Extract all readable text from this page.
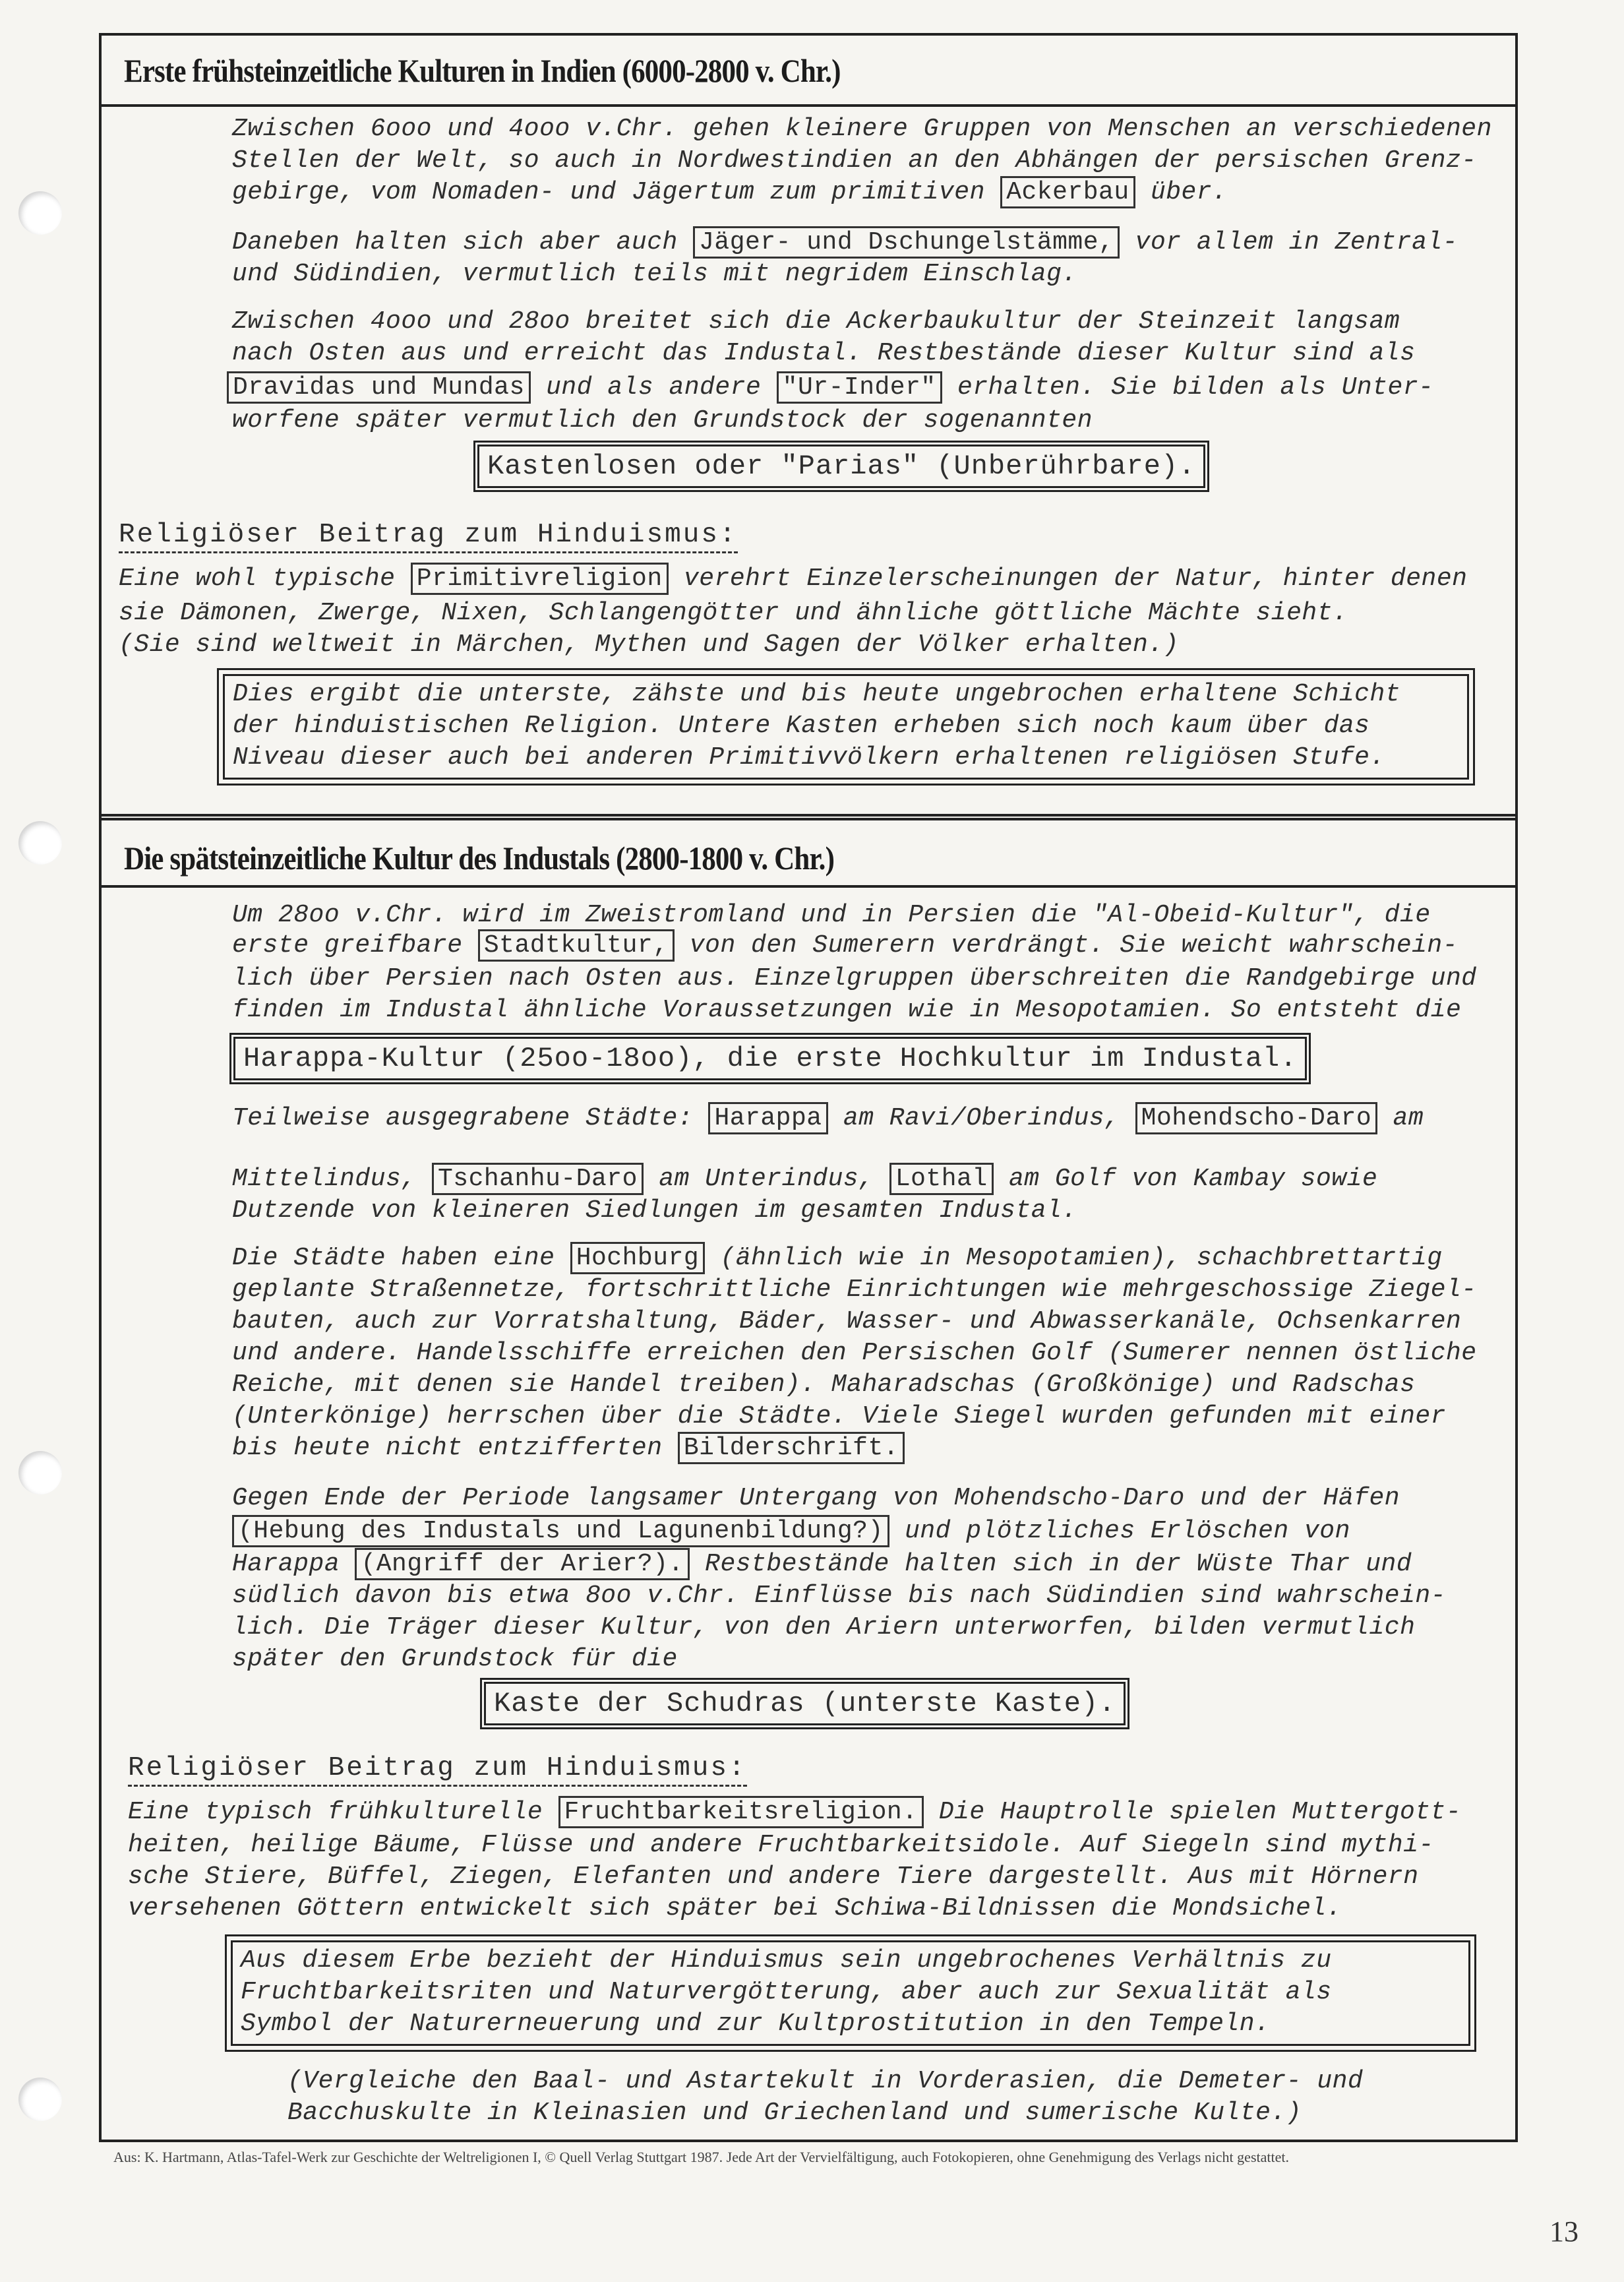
Erste frühsteinzeitliche Kulturen in Indien (6000-2800 v. Chr.)

Zwischen 6ooo und 4ooo v.Chr. gehen kleinere Gruppen von Menschen an verschiedenen

Stellen der Welt, so auch in Nordwestindien an den Abhängen der persischen Grenz-

gebirge, vom Nomaden- und Jägertum zum primitiven Ackerbau über.

Daneben halten sich aber auch Jäger- und Dschungelstämme, vor allem in Zentral-

und Südindien, vermutlich teils mit negridem Einschlag.

Zwischen 4ooo und 28oo breitet sich die Ackerbaukultur der Steinzeit langsam

nach Osten aus und erreicht das Industal. Restbestände dieser Kultur sind als

Dravidas und Mundas und als andere "Ur-Inder" erhalten. Sie bilden als Unter-

worfene später vermutlich den Grundstock der sogenannten

Kastenlosen oder "Parias" (Unberührbare).
Religiöser Beitrag zum Hinduismus:

Eine wohl typische Primitivreligion verehrt Einzelerscheinungen der Natur, hinter denen

sie Dämonen, Zwerge, Nixen, Schlangengötter und ähnliche göttliche Mächte sieht.

(Sie sind weltweit in Märchen, Mythen und Sagen der Völker erhalten.)

Dies ergibt die unterste, zähste und bis heute ungebrochen erhaltene Schicht

der hinduistischen Religion. Untere Kasten erheben sich noch kaum über das

Niveau dieser auch bei anderen Primitivvölkern erhaltenen religiösen Stufe.

Die spätsteinzeitliche Kultur des Industals (2800-1800 v. Chr.)

Um 28oo v.Chr. wird im Zweistromland und in Persien die "Al-Obeid-Kultur", die

erste greifbare Stadtkultur, von den Sumerern verdrängt. Sie weicht wahrschein-

lich über Persien nach Osten aus. Einzelgruppen überschreiten die Randgebirge und

finden im Industal ähnliche Voraussetzungen wie in Mesopotamien. So entsteht die

Harappa-Kultur (25oo-18oo), die erste Hochkultur im Industal.

Teilweise ausgegrabene Städte: Harappa am Ravi/Oberindus, Mohendscho-Daro am

Mittelindus, Tschanhu-Daro am Unterindus, Lothal am Golf von Kambay sowie

Dutzende von kleineren Siedlungen im gesamten Industal.

Die Städte haben eine Hochburg (ähnlich wie in Mesopotamien), schachbrettartig

geplante Straßennetze, fortschrittliche Einrichtungen wie mehrgeschossige Ziegel-

bauten, auch zur Vorratshaltung, Bäder, Wasser- und Abwasserkanäle, Ochsenkarren

und andere. Handelsschiffe erreichen den Persischen Golf (Sumerer nennen östliche

Reiche, mit denen sie Handel treiben). Maharadschas (Großkönige) und Radschas

(Unterkönige) herrschen über die Städte. Viele Siegel wurden gefunden mit einer

bis heute nicht entzifferten Bilderschrift.

Gegen Ende der Periode langsamer Untergang von Mohendscho-Daro und der Häfen

(Hebung des Industals und Lagunenbildung?) und plötzliches Erlöschen von

Harappa (Angriff der Arier?). Restbestände halten sich in der Wüste Thar und

südlich davon bis etwa 8oo v.Chr. Einflüsse bis nach Südindien sind wahrschein-

lich. Die Träger dieser Kultur, von den Ariern unterworfen, bilden vermutlich

später den Grundstock für die

Kaste der Schudras (unterste Kaste).
Religiöser Beitrag zum Hinduismus:

Eine typisch frühkulturelle Fruchtbarkeitsreligion. Die Hauptrolle spielen Muttergott-

heiten, heilige Bäume, Flüsse und andere Fruchtbarkeitsidole. Auf Siegeln sind mythi-

sche Stiere, Büffel, Ziegen, Elefanten und andere Tiere dargestellt. Aus mit Hörnern

versehenen Göttern entwickelt sich später bei Schiwa-Bildnissen die Mondsichel.

Aus diesem Erbe bezieht der Hinduismus sein ungebrochenes Verhältnis zu

Fruchtbarkeitsriten und Naturvergötterung, aber auch zur Sexualität als

Symbol der Naturerneuerung und zur Kultprostitution in den Tempeln.

(Vergleiche den Baal- und Astartekult in Vorderasien, die Demeter- und

Bacchuskulte in Kleinasien und Griechenland und sumerische Kulte.)

Aus: K. Hartmann, Atlas-Tafel-Werk zur Geschichte der Weltreligionen I, © Quell Verlag Stuttgart 1987. Jede Art der Vervielfältigung, auch Fotokopieren, ohne Genehmigung des Verlags nicht gestattet.
13
